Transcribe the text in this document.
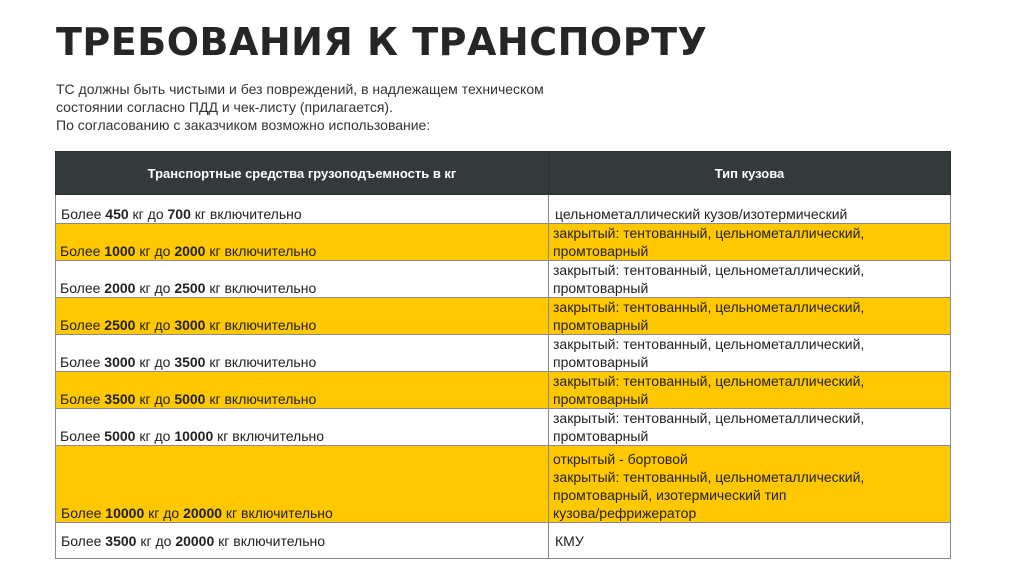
ТРЕБОВАНИЯ К ТРАНСПОРТУ
ТС должны быть чистыми и без повреждений, в надлежащем техническом
состоянии согласно ПДД и чек-листу (прилагается).
По согласованию с заказчиком возможно использование:
Транспортные средства грузоподъемность в кг	Тип кузова
Более 450 кг до 700 кг включительно	цельнометаллический кузов/изотермический

Более 1000 кг до 2000 кг включительно	закрытый: тентованный, цельнометаллический,
промтоварный

Более 2000 кг до 2500 кг включительно	закрытый: тентованный, цельнометаллический,
промтоварный

Более 2500 кг до 3000 кг включительно	закрытый: тентованный, цельнометаллический,
промтоварный

Более 3000 кг до 3500 кг включительно	закрытый: тентованный, цельнометаллический,
промтоварный

Более 3500 кг до 5000 кг включительно	закрытый: тентованный, цельнометаллический,
промтоварный

Более 5000 кг до 10000 кг включительно	закрытый: тентованный, цельнометаллический,
промтоварный

Более 10000 кг до 20000 кг включительно	открытый - бортовой
закрытый: тентованный, цельнометаллический,
промтоварный, изотермический тип
кузова/рефрижератор

Более 3500 кг до 20000 кг включительно	КМУ
